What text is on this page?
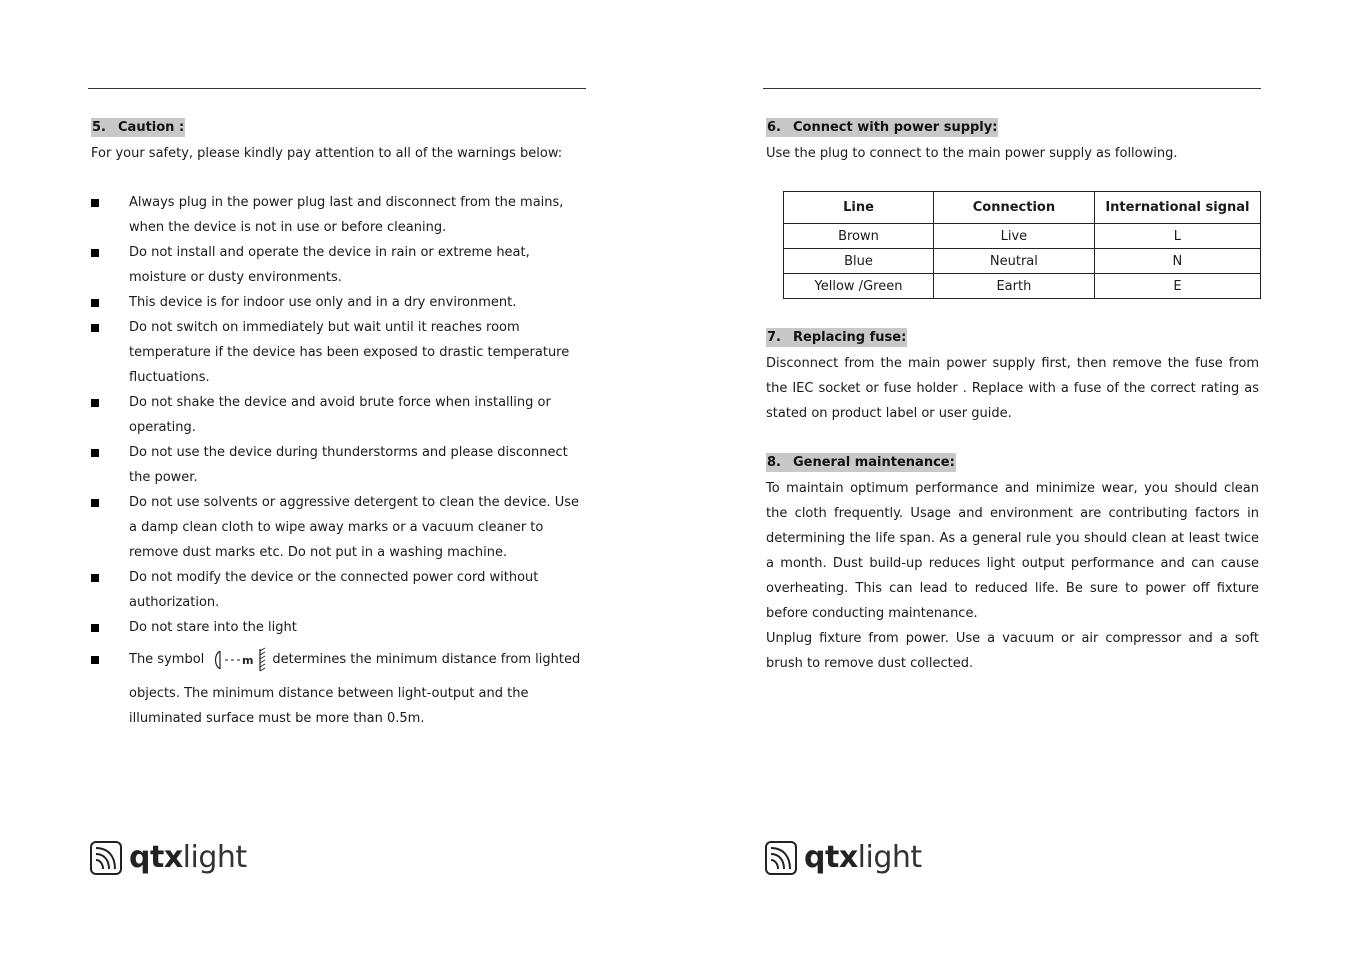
5. Caution :

For your safety, please kindly pay attention to all of the warnings below:

Always plug in the power plug last and disconnect from the mains, when the device is not in use or before cleaning.
Do not install and operate the device in rain or extreme heat, moisture or dusty environments.
This device is for indoor use only and in a dry environment.
Do not switch on immediately but wait until it reaches room temperature if the device has been exposed to drastic temperature fluctuations.
Do not shake the device and avoid brute force when installing or operating.
Do not use the device during thunderstorms and please disconnect the power.
Do not use solvents or aggressive detergent to clean the device. Use a damp clean cloth to wipe away marks or a vacuum cleaner to remove dust marks etc. Do not put in a washing machine.
Do not modify the device or the connected power cord without authorization.
Do not stare into the light
The symbol	m determines the minimum distance from lighted
objects. The minimum distance between light-output and the illuminated surface must be more than 0.5m.
qtxlight
6. Connect with power supply:

Use the plug to connect to the main power supply as following.

Line	Connection	International signal
Brown	Live	L
Blue	Neutral	N
Yellow /Green	Earth	E
7. Replacing fuse:

Disconnect from the main power supply first, then remove the fuse from the IEC socket or fuse holder . Replace with a fuse of the correct rating as stated on product label or user guide.

8. General maintenance:

To maintain optimum performance and minimize wear, you should clean the cloth frequently. Usage and environment are contributing factors in determining the life span. As a general rule you should clean at least twice a month. Dust build-up reduces light output performance and can cause overheating. This can lead to reduced life. Be sure to power off fixture before conducting maintenance.

Unplug fixture from power. Use a vacuum or air compressor and a soft brush to remove dust collected.

qtxlight
